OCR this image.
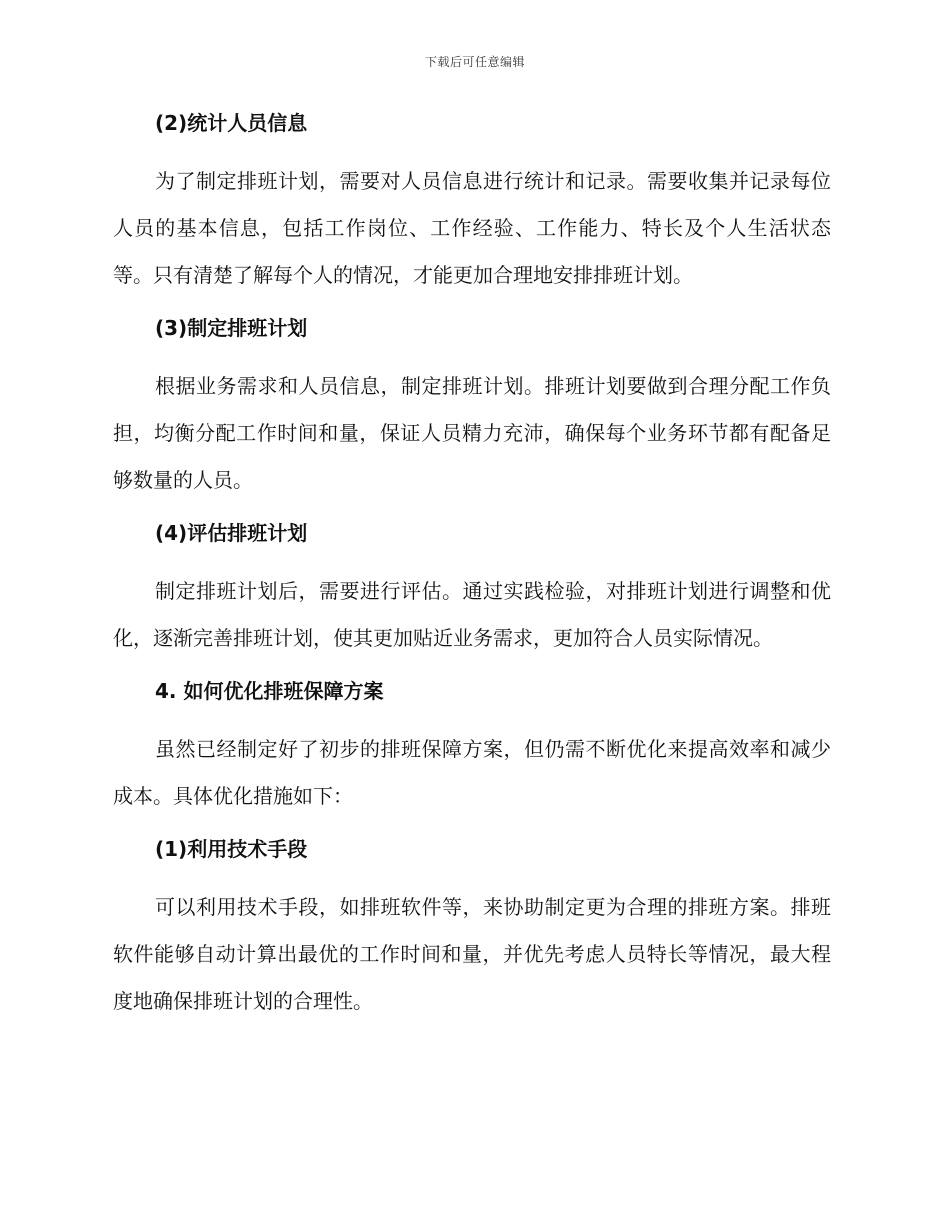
下载后可任意编辑
(2)统计人员信息
为了制定排班计划，需要对人员信息进行统计和记录。需要收集并记录每位人员的基本信息，包括工作岗位、工作经验、工作能力、特长及个人生活状态等。只有清楚了解每个人的情况，才能更加合理地安排排班计划。
(3)制定排班计划
根据业务需求和人员信息，制定排班计划。排班计划要做到合理分配工作负担，均衡分配工作时间和量，保证人员精力充沛，确保每个业务环节都有配备足够数量的人员。
(4)评估排班计划
制定排班计划后，需要进行评估。通过实践检验，对排班计划进行调整和优化，逐渐完善排班计划，使其更加贴近业务需求，更加符合人员实际情况。
4. 如何优化排班保障方案
虽然已经制定好了初步的排班保障方案，但仍需不断优化来提高效率和减少成本。具体优化措施如下：
(1)利用技术手段
可以利用技术手段，如排班软件等，来协助制定更为合理的排班方案。排班软件能够自动计算出最优的工作时间和量，并优先考虑人员特长等情况，最大程度地确保排班计划的合理性。
